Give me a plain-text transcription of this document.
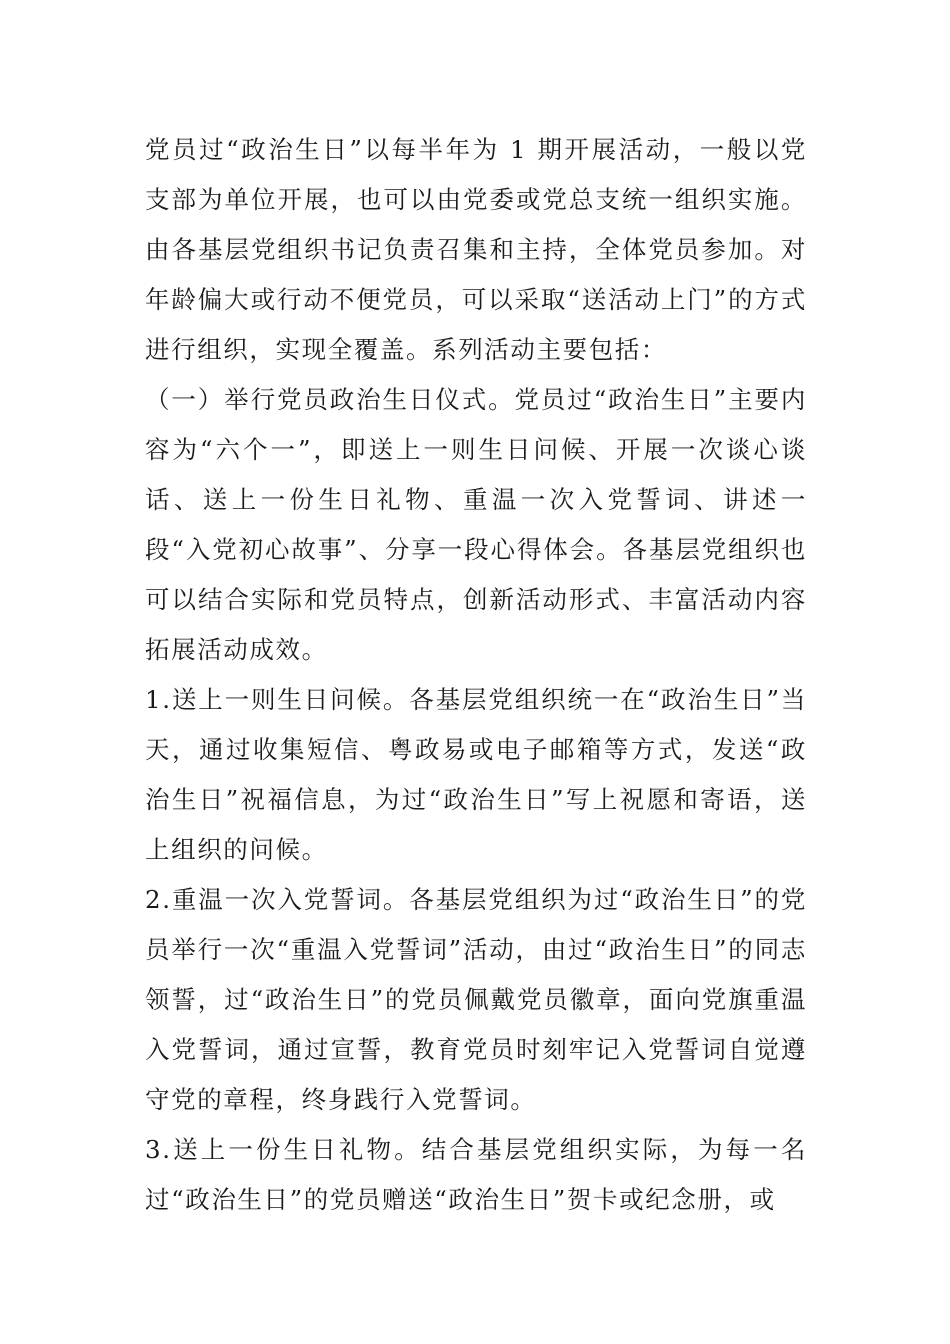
党员过“政治生日”以每半年为 1 期开展活动，一般以党支部为单位开展，也可以由党委或党总支统一组织实施。由各基层党组织书记负责召集和主持，全体党员参加。对年龄偏大或行动不便党员，可以采取“送活动上门”的方式进行组织，实现全覆盖。系列活动主要包括：

（一）举行党员政治生日仪式。党员过“政治生日”主要内容为“六个一”，即送上一则生日问候、开展一次谈心谈话、送上一份生日礼物、重温一次入党誓词、讲述一段“入党初心故事”、分享一段心得体会。各基层党组织也可以结合实际和党员特点，创新活动形式、丰富活动内容拓展活动成效。

1.送上一则生日问候。各基层党组织统一在“政治生日”当天，通过收集短信、粤政易或电子邮箱等方式，发送“政治生日”祝福信息，为过“政治生日”写上祝愿和寄语，送上组织的问候。

2.重温一次入党誓词。各基层党组织为过“政治生日”的党员举行一次“重温入党誓词”活动，由过“政治生日”的同志领誓，过“政治生日”的党员佩戴党员徽章，面向党旗重温入党誓词，通过宣誓，教育党员时刻牢记入党誓词自觉遵守党的章程，终身践行入党誓词。

3.送上一份生日礼物。结合基层党组织实际，为每一名过“政治生日”的党员赠送“政治生日”贺卡或纪念册，或
